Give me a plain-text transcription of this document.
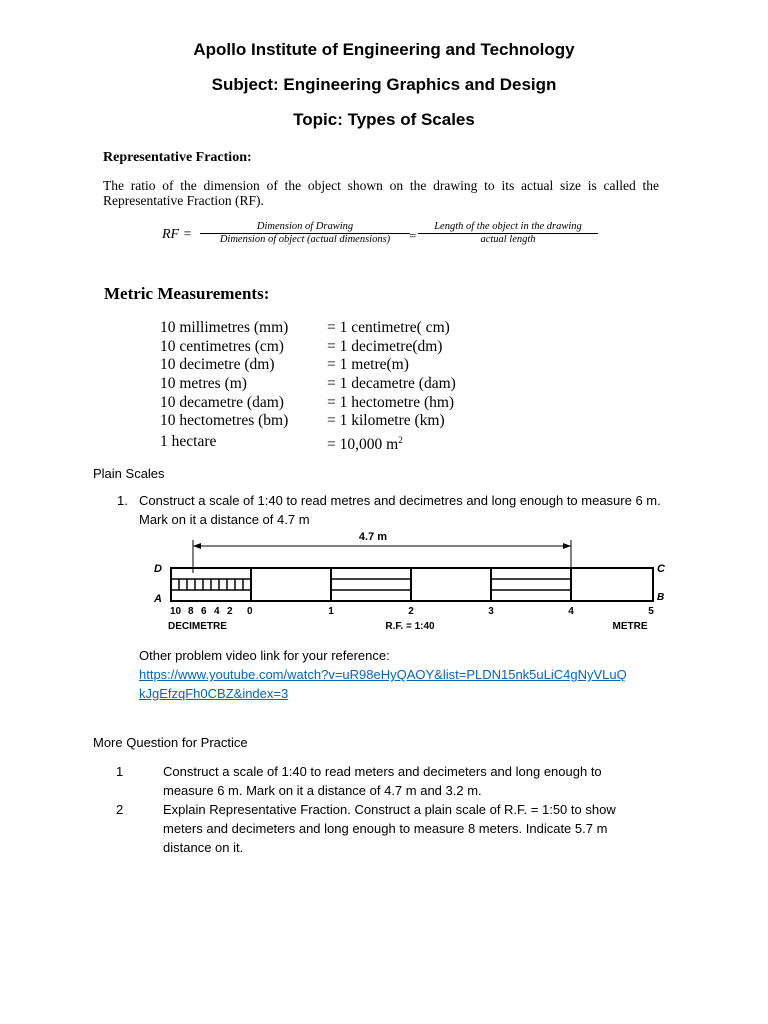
Apollo Institute of Engineering and Technology
Subject: Engineering Graphics and Design
Topic: Types of Scales
Representative Fraction:
The ratio of the dimension of the object shown on the drawing to its actual size is called the Representative Fraction (RF).
RF =
Dimension of Drawing
Dimension of object (actual dimensions)	=
Length of the object in the drawing
actual length
Metric Measurements:
10 millimetres (mm)	= 1 centimetre( cm)
10 centimetres (cm)	= 1 decimetre(dm)
10 decimetre (dm)	= 1 metre(m)
10 metres (m)	= 1 decametre (dam)
10 decametre (dam)	= 1 hectometre (hm)
10 hectometres (bm)	= 1 kilometre (km)
1 hectare	= 10,000 $m^2$
Plain Scales
1. Construct a scale of 1:40 to read metres and decimetres and long enough to measure 6 m.
Mark on it a distance of 4.7 m
4.7 m
D
A
C
B
10 8 6 4 2 0	1	2	3	4	5
DECIMETRE	R.F. = 1:40	METRE
Other problem video link for your reference:
https://www.youtube.com/watch?v=uR98eHyQAOY&list=PLDN15nk5uLiC4gNyVLuQ
kJgEfzqFh0CBZ&index=3
More Question for Practice
1	Construct a scale of 1:40 to read meters and decimeters and long enough to
measure 6 m. Mark on it a distance of 4.7 m and 3.2 m.
2	Explain Representative Fraction. Construct a plain scale of R.F. = 1:50 to show
meters and decimeters and long enough to measure 8 meters. Indicate 5.7 m
distance on it.
